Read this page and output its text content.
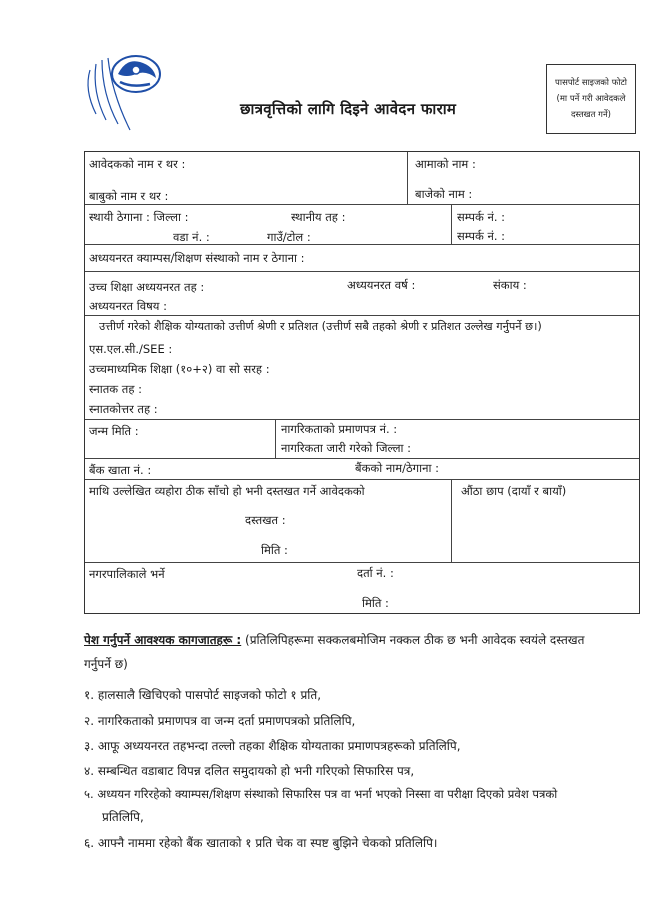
छात्रवृत्तिको लागि दिइने आवेदन फाराम
पासपोर्ट साइजको फोटो
(मा पर्ने गरी आवेदकले
दस्तखत गर्ने)
आवेदकको नाम र थर :	आमाको नाम :
बाबुको नाम र थर :	बाजेको नाम :
स्थायी ठेगाना : जिल्ला :	स्थानीय तह :	सम्पर्क नं. :
वडा नं. :	गाउँ/टोल :	सम्पर्क नं. :
अध्ययनरत क्याम्पस/शिक्षण संस्थाको नाम र ठेगाना :
उच्च शिक्षा अध्ययनरत तह :	अध्ययनरत वर्ष :	संकाय :
अध्ययनरत विषय :
उत्तीर्ण गरेको शैक्षिक योग्यताको उत्तीर्ण श्रेणी र प्रतिशत (उत्तीर्ण सबै तहको श्रेणी र प्रतिशत उल्लेख गर्नुपर्ने छ।)
एस.एल.सी./SEE :
उच्चमाध्यमिक शिक्षा (१०+२) वा सो सरह :
स्नातक तह :
स्नातकोत्तर तह :
जन्म मिति :	नागरिकताको प्रमाणपत्र नं. :
नागरिकता जारी गरेको जिल्ला :
बैंक खाता नं. :	बैंकको नाम/ठेगाना :
माथि उल्लेखित व्यहोरा ठीक साँचो हो भनी दस्तखत गर्ने आवेदकको	औंठा छाप (दायाँ र बायाँ)
दस्तखत :
मिति :
नगरपालिकाले भर्ने	दर्ता नं. :
मिति :
पेश गर्नुपर्ने आवश्यक कागजातहरू : (प्रतिलिपिहरूमा सक्कलबमोजिम नक्कल ठीक छ भनी आवेदक स्वयंले दस्तखत
गर्नुपर्ने छ)
१. हालसालै खिचिएको पासपोर्ट साइजको फोटो १ प्रति,
२. नागरिकताको प्रमाणपत्र वा जन्म दर्ता प्रमाणपत्रको प्रतिलिपि,
३. आफू अध्ययनरत तहभन्दा तल्लो तहका शैक्षिक योग्यताका प्रमाणपत्रहरूको प्रतिलिपि,
४. सम्बन्धित वडाबाट विपन्न दलित समुदायको हो भनी गरिएको सिफारिस पत्र,
५. अध्ययन गरिरहेको क्याम्पस/शिक्षण संस्थाको सिफारिस पत्र वा भर्ना भएको निस्सा वा परीक्षा दिएको प्रवेश पत्रको
प्रतिलिपि,
६. आफ्नै नाममा रहेको बैंक खाताको १ प्रति चेक वा स्पष्ट बुझिने चेकको प्रतिलिपि।
